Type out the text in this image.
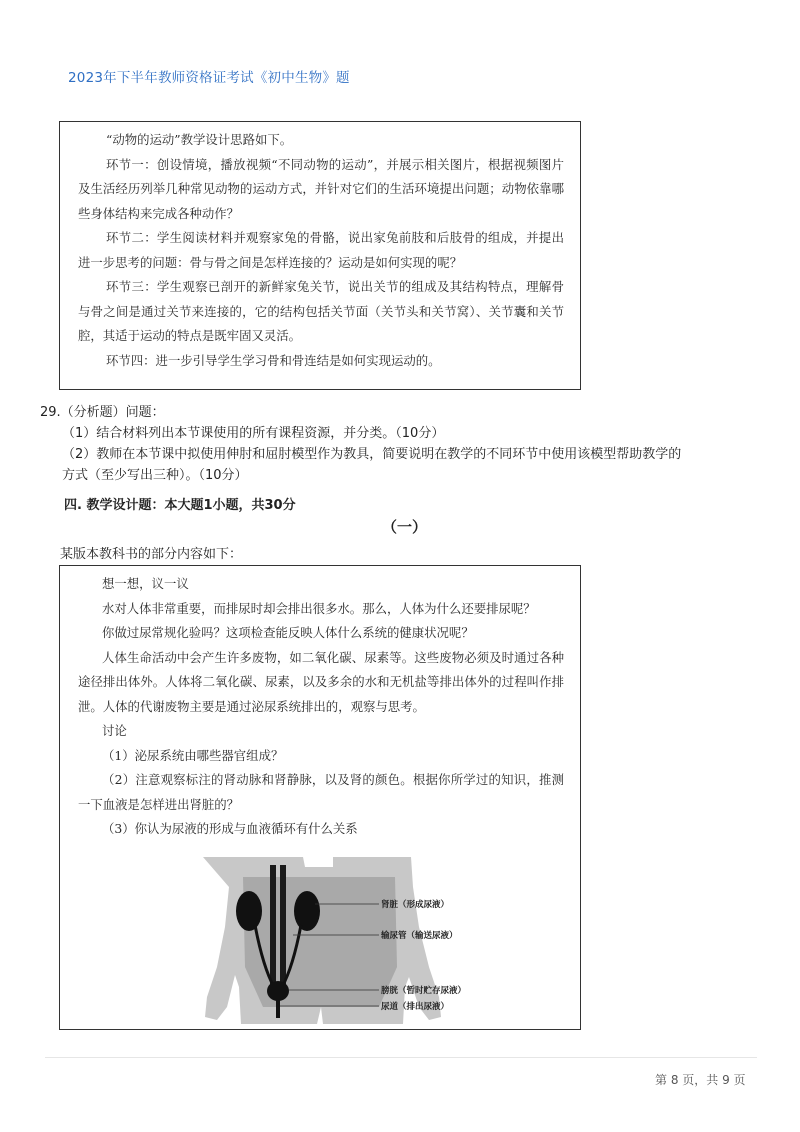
2023年下半年教师资格证考试《初中生物》题

“动物的运动”教学设计思路如下。

环节一：创设情境，播放视频“不同动物的运动”，并展示相关图片，根据视频图片及生活经历列举几种常见动物的运动方式，并针对它们的生活环境提出问题；动物依靠哪些身体结构来完成各种动作？

环节二：学生阅读材料并观察家兔的骨骼，说出家兔前肢和后肢骨的组成，并提出进一步思考的问题：骨与骨之间是怎样连接的？运动是如何实现的呢？

环节三：学生观察已剖开的新鲜家兔关节，说出关节的组成及其结构特点，理解骨与骨之间是通过关节来连接的，它的结构包括关节面（关节头和关节窝）、关节囊和关节腔，其适于运动的特点是既牢固又灵活。

环节四：进一步引导学生学习骨和骨连结是如何实现运动的。

29.（分析题）问题：
（1）结合材料列出本节课使用的所有课程资源，并分类。（10分）
（2）教师在本节课中拟使用伸肘和屈肘模型作为教具，简要说明在教学的不同环节中使用该模型帮助教学的
方式（至少写出三种）。（10分）
四. 教学设计题：本大题1小题，共30分
（一）
某版本教科书的部分内容如下：

想一想，议一议

水对人体非常重要，而排尿时却会排出很多水。那么，人体为什么还要排尿呢？

你做过尿常规化验吗？这项检查能反映人体什么系统的健康状况呢？

人体生命活动中会产生许多废物，如二氧化碳、尿素等。这些废物必须及时通过各种途径排出体外。人体将二氧化碳、尿素，以及多余的水和无机盐等排出体外的过程叫作排泄。人体的代谢废物主要是通过泌尿系统排出的，观察与思考。

讨论

（1）泌尿系统由哪些器官组成？

（2）注意观察标注的肾动脉和肾静脉，以及肾的颜色。根据你所学过的知识，推测一下血液是怎样进出肾脏的？

（3）你认为尿液的形成与血液循环有什么关系

肾脏（形成尿液）
输尿管（输送尿液）
膀胱（暂时贮存尿液）
尿道（排出尿液）
第 8 页，共 9 页
